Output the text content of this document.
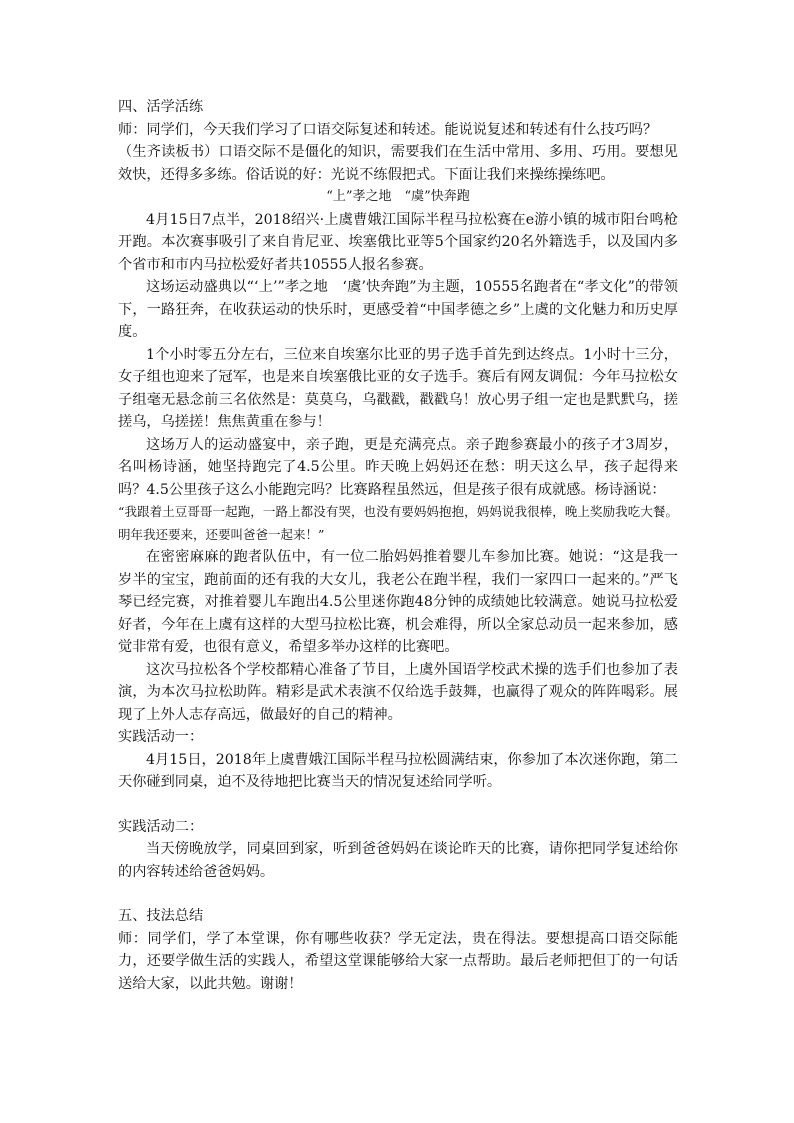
四、活学活练

师：同学们，今天我们学习了口语交际复述和转述。能说说复述和转述有什么技巧吗？

（生齐读板书）口语交际不是僵化的知识，需要我们在生活中常用、多用、巧用。要想见效快，还得多多练。俗话说的好：光说不练假把式。下面让我们来操练操练吧。

“上”孝之地　“虞”快奔跑

4月15日7点半，2018绍兴·上虞曹娥江国际半程马拉松赛在e游小镇的城市阳台鸣枪开跑。本次赛事吸引了来自肯尼亚、埃塞俄比亚等5个国家约20名外籍选手，以及国内多个省市和市内马拉松爱好者共10555人报名参赛。

这场运动盛典以“‘上’”孝之地　‘虞’快奔跑”为主题，10555名跑者在“孝文化”的带领下，一路狂奔，在收获运动的快乐时，更感受着“中国孝德之乡”上虞的文化魅力和历史厚度。

1个小时零五分左右，三位来自埃塞尔比亚的男子选手首先到达终点。1小时十三分，女子组也迎来了冠军，也是来自埃塞俄比亚的女子选手。赛后有网友调侃：今年马拉松女子组毫无悬念前三名依然是：莫莫乌，乌戳戳，戳戳乌！放心男子组一定也是黓黓乌，搓搓乌，乌搓搓！焦焦黄重在参与！

这场万人的运动盛宴中，亲子跑，更是充满亮点。亲子跑参赛最小的孩子才3周岁，名叫杨诗涵，她坚持跑完了4.5公里。昨天晚上妈妈还在愁：明天这么早，孩子起得来吗？4.5公里孩子这么小能跑完吗？比赛路程虽然远，但是孩子很有成就感。杨诗涵说：

“我跟着土豆哥哥一起跑，一路上都没有哭，也没有要妈妈抱抱，妈妈说我很棒，晚上奖励我吃大餐。明年我还要来，还要叫爸爸一起来！”

在密密麻麻的跑者队伍中，有一位二胎妈妈推着婴儿车参加比赛。她说：“这是我一岁半的宝宝，跑前面的还有我的大女儿，我老公在跑半程，我们一家四口一起来的。”严飞琴已经完赛，对推着婴儿车跑出4.5公里迷你跑48分钟的成绩她比较满意。她说马拉松爱好者，今年在上虞有这样的大型马拉松比赛，机会难得，所以全家总动员一起来参加，感觉非常有爱，也很有意义，希望多举办这样的比赛吧。

这次马拉松各个学校都精心准备了节目，上虞外国语学校武术操的选手们也参加了表演，为本次马拉松助阵。精彩是武术表演不仅给选手鼓舞，也赢得了观众的阵阵喝彩。展现了上外人志存高远，做最好的自己的精神。

实践活动一：

4月15日，2018年上虞曹娥江国际半程马拉松圆满结束，你参加了本次迷你跑，第二天你碰到同桌，迫不及待地把比赛当天的情况复述给同学听。

实践活动二：

当天傍晚放学，同桌回到家，听到爸爸妈妈在谈论昨天的比赛，请你把同学复述给你的内容转述给爸爸妈妈。

五、技法总结

师：同学们，学了本堂课，你有哪些收获？学无定法，贵在得法。要想提高口语交际能力，还要学做生活的实践人，希望这堂课能够给大家一点帮助。最后老师把但丁的一句话送给大家，以此共勉。谢谢！
